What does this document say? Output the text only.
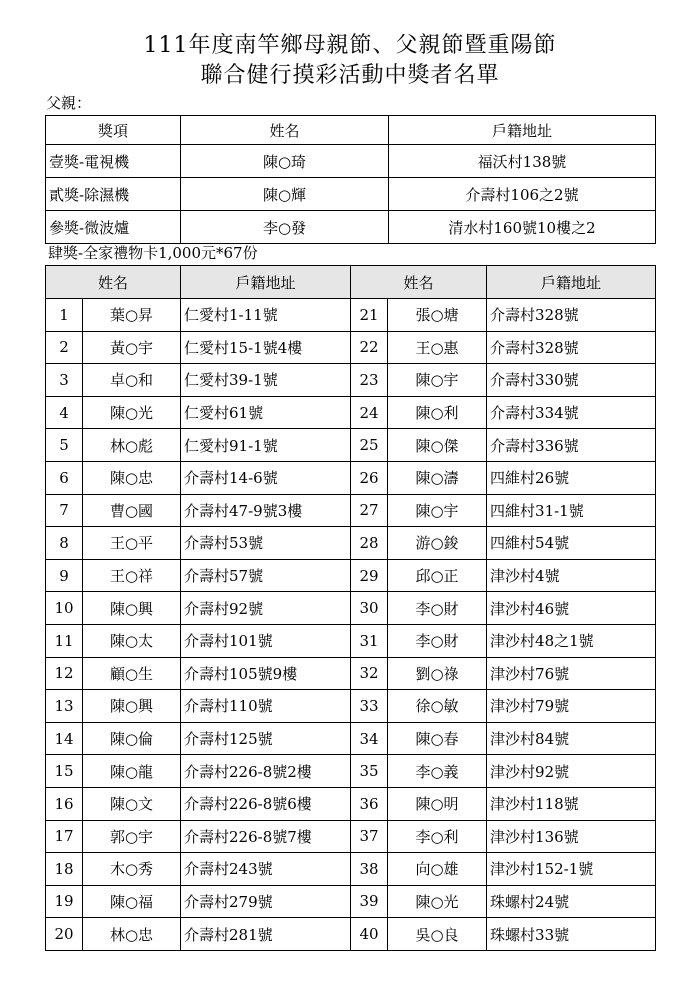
111年度南竿鄉母親節、父親節暨重陽節
聯合健行摸彩活動中獎者名單
父親：
獎項	姓名	戶籍地址
壹獎-電視機	陳○琦	福沃村138號
貳獎-除濕機	陳○輝	介壽村106之2號
參獎-微波爐	李○發	清水村160號10樓之2
肆獎-全家禮物卡1,000元*67份
姓名		戶籍地址	姓名		戶籍地址
1	葉○昇	仁愛村1-11號	21	張○塘	介壽村328號
2	黃○宇	仁愛村15-1號4樓	22	王○惠	介壽村328號
3	卓○和	仁愛村39-1號	23	陳○宇	介壽村330號
4	陳○光	仁愛村61號	24	陳○利	介壽村334號
5	林○彪	仁愛村91-1號	25	陳○傑	介壽村336號
6	陳○忠	介壽村14-6號	26	陳○濤	四維村26號
7	曹○國	介壽村47-9號3樓	27	陳○宇	四維村31-1號
8	王○平	介壽村53號	28	游○鋑	四維村54號
9	王○祥	介壽村57號	29	邱○正	津沙村4號
10	陳○興	介壽村92號	30	李○財	津沙村46號
11	陳○太	介壽村101號	31	李○財	津沙村48之1號
12	顧○生	介壽村105號9樓	32	劉○祿	津沙村76號
13	陳○興	介壽村110號	33	徐○敏	津沙村79號
14	陳○倫	介壽村125號	34	陳○春	津沙村84號
15	陳○龍	介壽村226-8號2樓	35	李○義	津沙村92號
16	陳○文	介壽村226-8號6樓	36	陳○明	津沙村118號
17	郭○宇	介壽村226-8號7樓	37	李○利	津沙村136號
18	木○秀	介壽村243號	38	向○雄	津沙村152-1號
19	陳○福	介壽村279號	39	陳○光	珠螺村24號
20	林○忠	介壽村281號	40	吳○良	珠螺村33號
